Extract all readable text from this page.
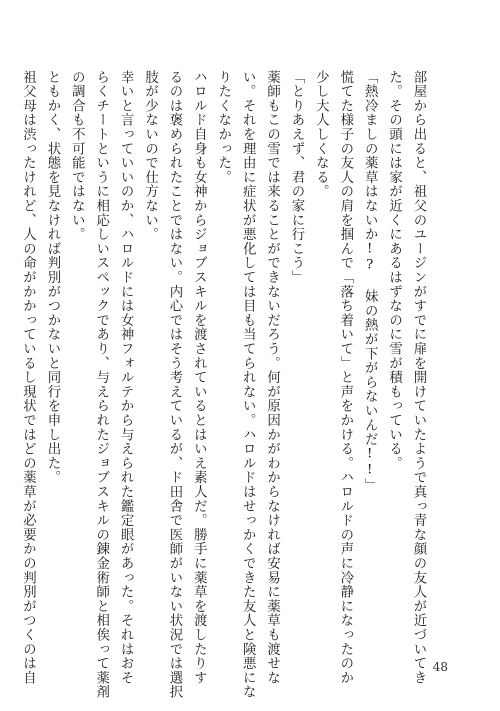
部屋から出ると、祖父のユージンがすでに扉を開けていたようで真っ青な顔の友人が近づいてき
た。その頭には家が近くにあるはずなのに雪が積もっている。
「熱冷ましの薬草はないか!? 妹の熱が下がらないんだ!!」
慌てた様子の友人の肩を掴んで「落ち着いて」と声をかける。ハロルドの声に冷静になったのか
少し大人しくなる。
「とりあえず、君の家に行こう」
薬師もこの雪では来ることができないだろう。何が原因かがわからなければ安易に薬草も渡せな
い。それを理由に症状が悪化しては目も当てられない。ハロルドはせっかくできた友人と険悪にな
りたくなかった。
ハロルド自身も女神からジョブスキルを渡されているとはいえ素人だ。勝手に薬草を渡したりす
るのは褒められたことではない。内心ではそう考えているが、ド田舎で医師がいない状況では選択
肢が少ないので仕方ない。
幸いと言っていいのか、ハロルドには女神フォルテから与えられた鑑定眼があった。それはおそ
らくチートというに相応しいスペックであり、与えられたジョブスキルの錬金術師と相俟って薬剤
の調合も不可能ではない。
ともかく、状態を見なければ判別がつかないと同行を申し出た。
祖父母は渋ったけれど、人の命がかかっているし現状ではどの薬草が必要かの判別がつくのは自	48
